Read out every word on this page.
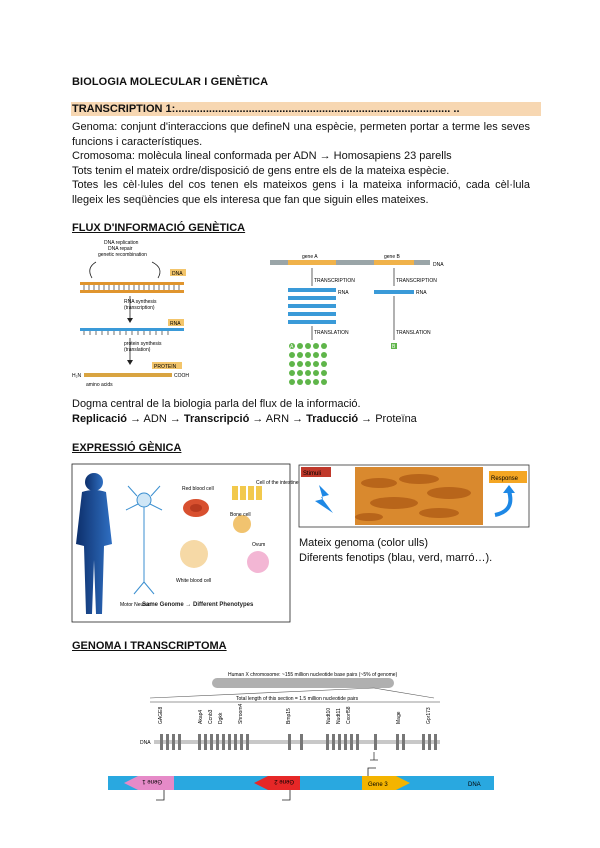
BIOLOGIA MOLECULAR I GENÈTICA
TRANSCRIPTION 1:.......................................................................................... ..
Genoma: conjunt d'interaccions que defineN una espècie, permeten portar a terme les seves funcions i característiques.
Cromosoma: molècula lineal conformada per ADN → Homosapiens 23 parells
Tots tenim el mateix ordre/disposició de gens entre els de la mateixa espècie.
Totes les cèl·lules del cos tenen els mateixos gens i la mateixa informació, cada cèl·lula llegeix les seqüències que els interesa que fan que siguin elles mateixes.
FLUX D'INFORMACIÓ GENÈTICA
DNA replication
DNA repair
genetic recombination
DNA
RNA synthesis
(transcription)
RNA
protein synthesis
(translation)
PROTEIN
H₂N	COOH
amino acids
gene A	gene B
DNA
TRANSCRIPTION	TRANSCRIPTION
RNA	RNA
TRANSLATION	TRANSLATION
A	B
Dogma central de la biologia parla del flux de la informació.
Replicació → ADN → Transcripció → ARN → Traducció → Proteïna
EXPRESSIÓ GÈNICA
Motor Neuron
Red blood cell
White blood cell
Cell of the intestine
Bone cell
Ovum
Same Genome → Different Phenotypes
Stimuli
Response
Mateix genoma (color ulls)
Diferents fenotips (blau, verd, marró…).
GENOMA I TRANSCRIPTOMA
Human X chromosome: ~155 million nucleotide base pairs (~5% of genome)
Total length of this section = 1.5 million nucleotide pairs
GAGE8	Akap4 Ccnb3 Dgkk	Shroom4	Bmp15	Nudt10 Nudt11 Cxorf58	Mage	Gpr173
DNA
Gene 1	Gene 2
Gene 3	DNA
